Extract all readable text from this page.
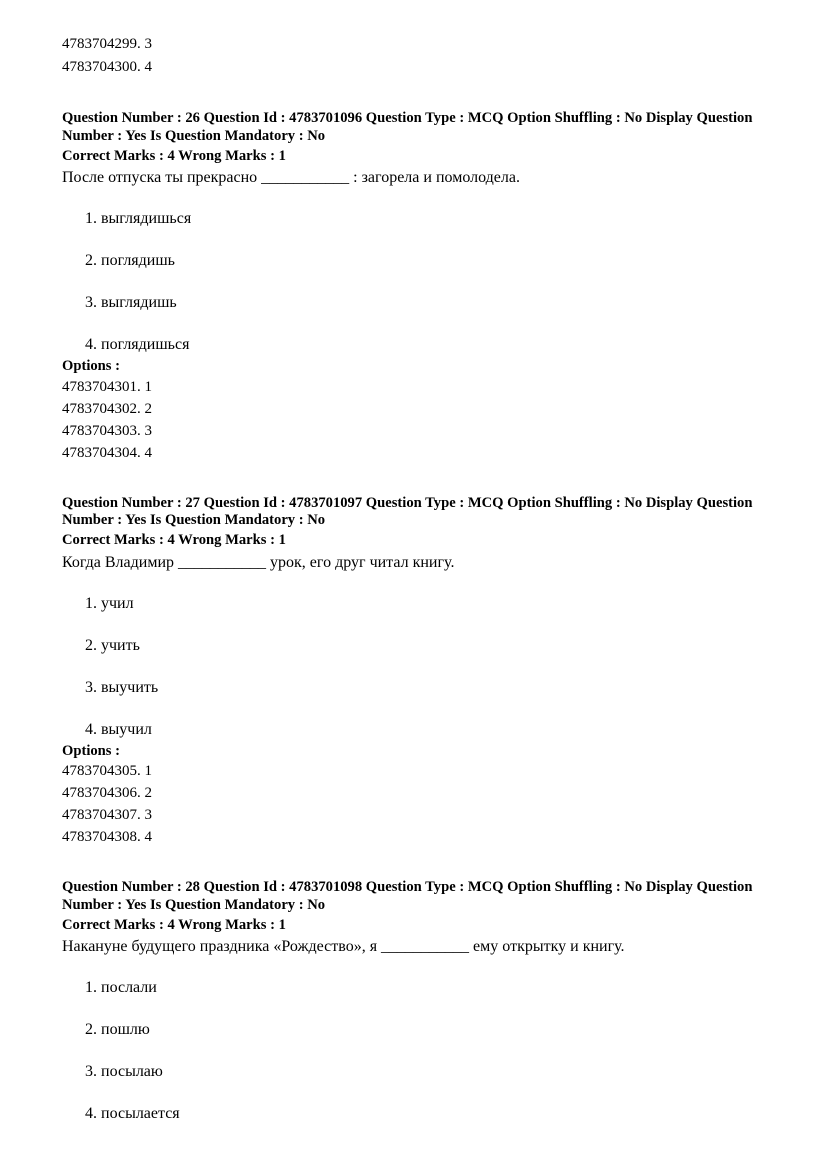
4783704299. 3
4783704300. 4

Question Number : 26 Question Id : 4783701096 Question Type : MCQ Option Shuffling : No Display Question
Number : Yes Is Question Mandatory : No

Correct Marks : 4 Wrong Marks : 1

После отпуска ты прекрасно ___________ : загорела и помолодела.

1. выглядишься

2. поглядишь

3. выглядишь

4. поглядишься

Options :

4783704301. 1

4783704302. 2

4783704303. 3

4783704304. 4

Question Number : 27 Question Id : 4783701097 Question Type : MCQ Option Shuffling : No Display Question
Number : Yes Is Question Mandatory : No

Correct Marks : 4 Wrong Marks : 1

Когда Владимир ___________ урок, его друг читал книгу.

1. учил

2. учить

3. выучить

4. выучил

Options :

4783704305. 1

4783704306. 2

4783704307. 3

4783704308. 4

Question Number : 28 Question Id : 4783701098 Question Type : MCQ Option Shuffling : No Display Question
Number : Yes Is Question Mandatory : No

Correct Marks : 4 Wrong Marks : 1

Накануне будущего праздника «Рождество», я ___________ ему открытку и книгу.

1. послали

2. пошлю

3. посылаю

4. посылается
